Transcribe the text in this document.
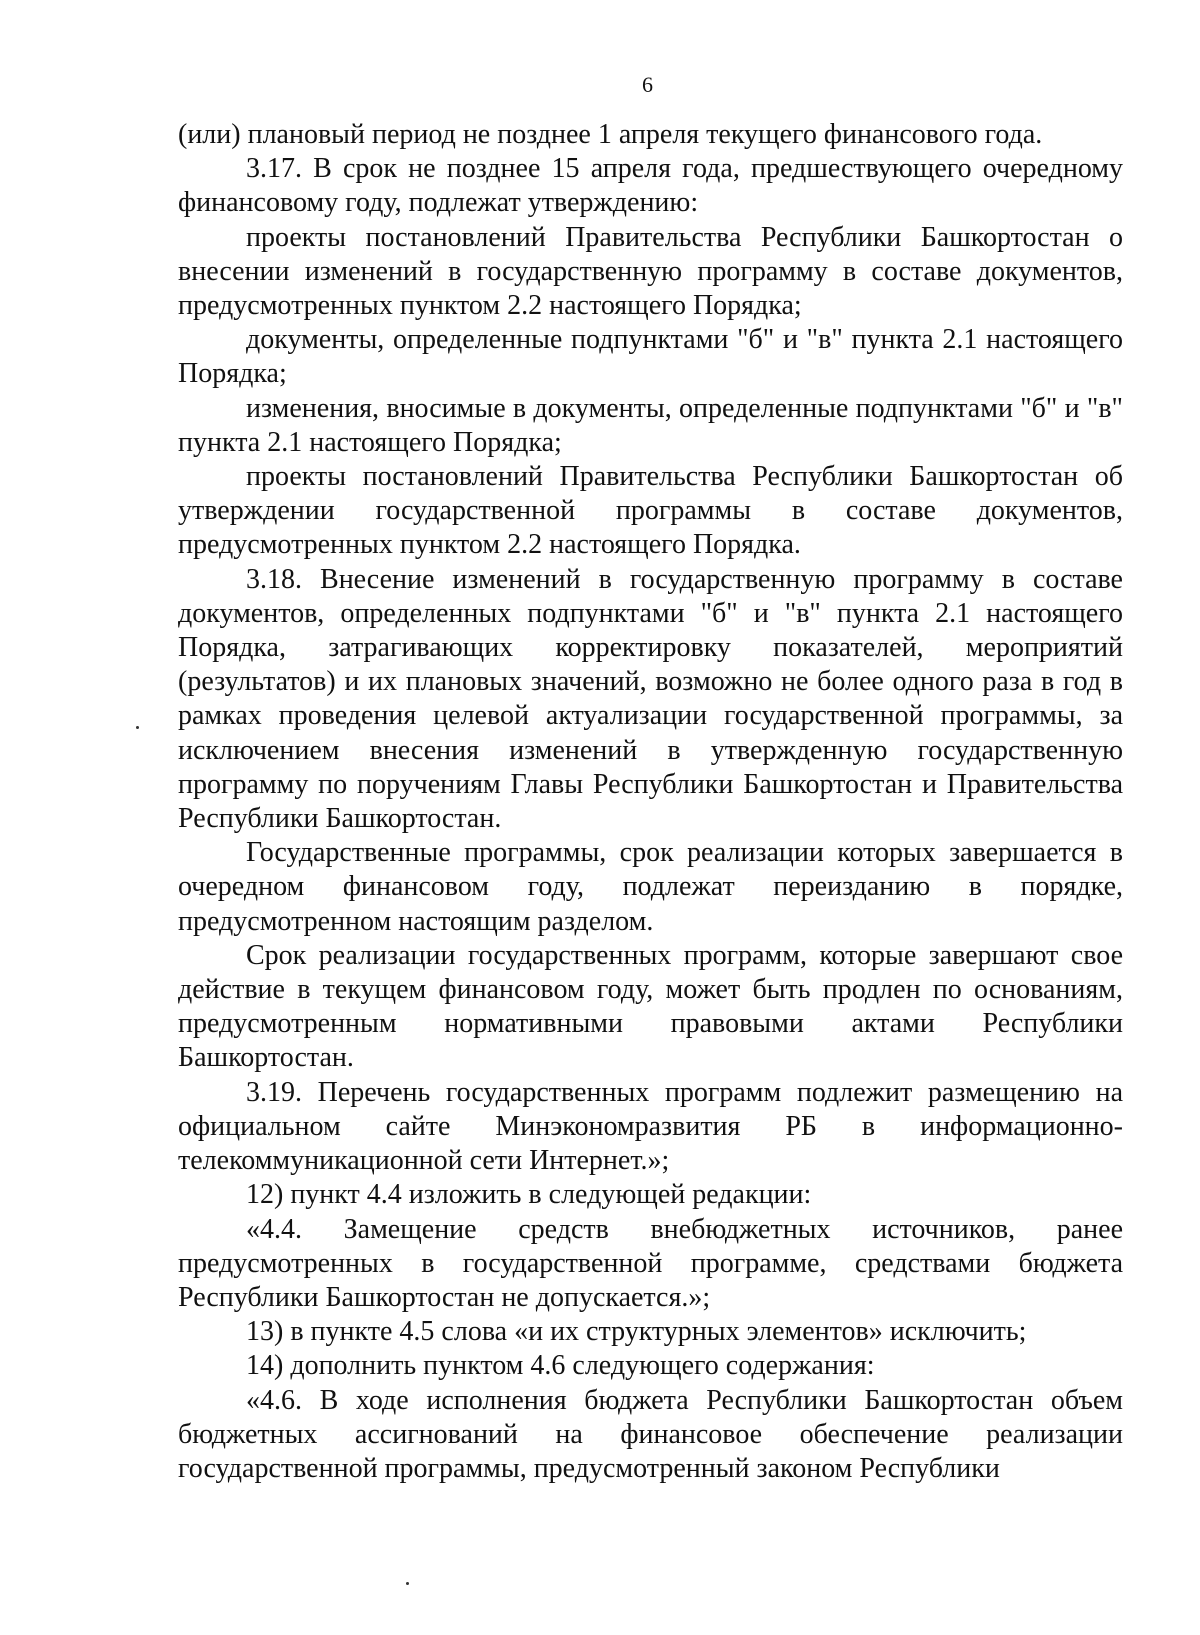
6

(или) плановый период не позднее 1 апреля текущего финансового года.

3.17. В срок не позднее 15 апреля года, предшествующего очередному финансовому году, подлежат утверждению:

проекты постановлений Правительства Республики Башкортостан о внесении изменений в государственную программу в составе документов, предусмотренных пунктом 2.2 настоящего Порядка;

документы, определенные подпунктами "б" и "в" пункта 2.1 настоящего Порядка;

изменения, вносимые в документы, определенные подпунктами "б" и "в" пункта 2.1 настоящего Порядка;

проекты постановлений Правительства Республики Башкортостан об утверждении государственной программы в составе документов, предусмотренных пунктом 2.2 настоящего Порядка.

3.18. Внесение изменений в государственную программу в составе документов, определенных подпунктами "б" и "в" пункта 2.1 настоящего Порядка, затрагивающих корректировку показателей, мероприятий (результатов) и их плановых значений, возможно не более одного раза в год в рамках проведения целевой актуализации государственной программы, за исключением внесения изменений в утвержденную государственную программу по поручениям Главы Республики Башкортостан и Правительства Республики Башкортостан.

Государственные программы, срок реализации которых завершается в очередном финансовом году, подлежат переизданию в порядке, предусмотренном настоящим разделом.

Срок реализации государственных программ, которые завершают свое действие в текущем финансовом году, может быть продлен по основаниям, предусмотренным нормативными правовыми актами Республики Башкортостан.

3.19. Перечень государственных программ подлежит размещению на официальном сайте Минэкономразвития РБ в информационно-телекоммуникационной сети Интернет.»;

12) пункт 4.4 изложить в следующей редакции:

«4.4. Замещение средств внебюджетных источников, ранее предусмотренных в государственной программе, средствами бюджета Республики Башкортостан не допускается.»;

13) в пункте 4.5 слова «и их структурных элементов» исключить;

14) дополнить пунктом 4.6 следующего содержания:

«4.6. В ходе исполнения бюджета Республики Башкортостан объем бюджетных ассигнований на финансовое обеспечение реализации государственной программы, предусмотренный законом Республики
